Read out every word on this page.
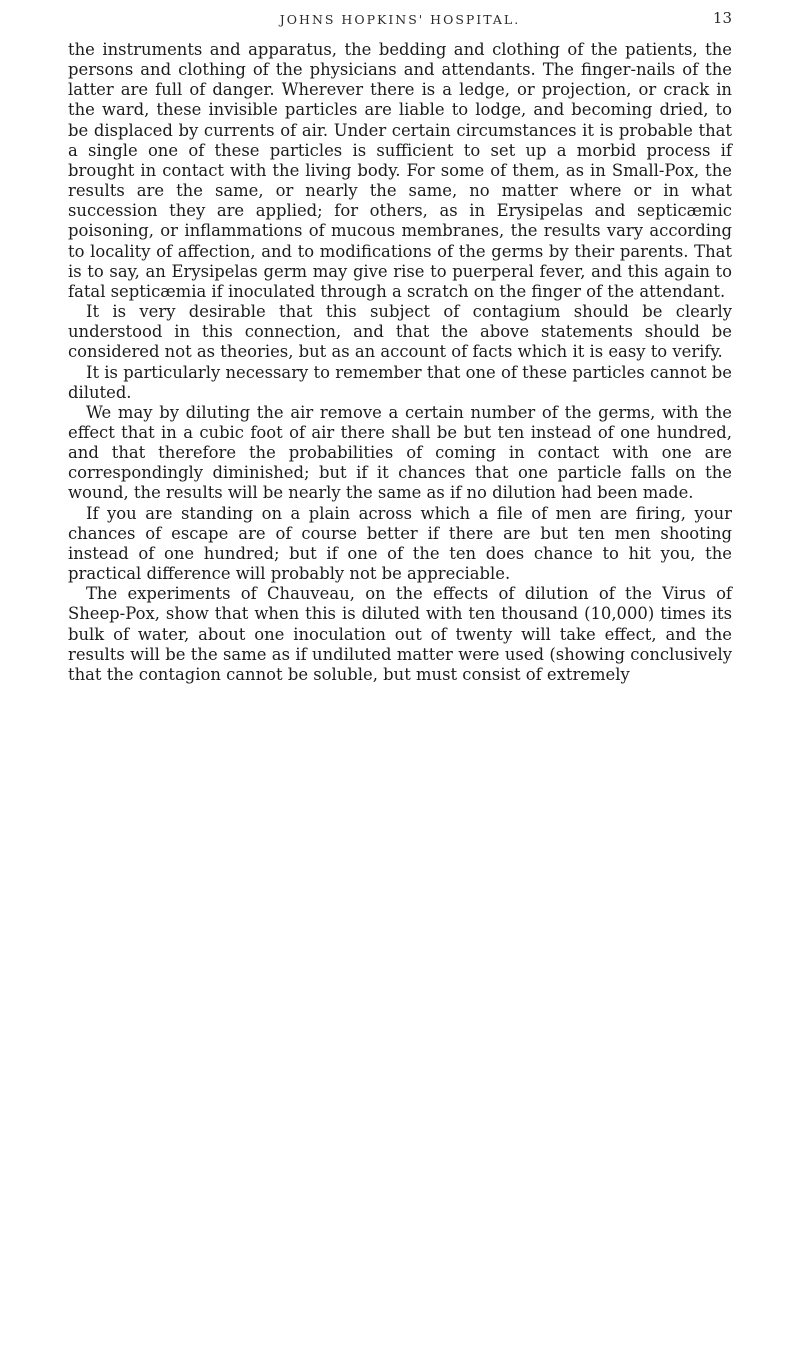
JOHNS HOPKINS' HOSPITAL.	13

the instruments and apparatus, the bedding and clothing of the patients, the persons and clothing of the physicians and attendants. The finger-nails of the latter are full of danger. Wherever there is a ledge, or projection, or crack in the ward, these invisible particles are liable to lodge, and becoming dried, to be displaced by currents of air. Under certain circumstances it is probable that a single one of these particles is sufficient to set up a morbid process if brought in contact with the living body. For some of them, as in Small-Pox, the results are the same, or nearly the same, no matter where or in what succession they are applied; for others, as in Erysipelas and septicæmic poisoning, or inflammations of mucous membranes, the results vary according to locality of affection, and to modifications of the germs by their parents. That is to say, an Erysipelas germ may give rise to puerperal fever, and this again to fatal septicæmia if inoculated through a scratch on the finger of the attendant.

It is very desirable that this subject of contagium should be clearly understood in this connection, and that the above statements should be considered not as theories, but as an account of facts which it is easy to verify.

It is particularly necessary to remember that one of these particles cannot be diluted.

We may by diluting the air remove a certain number of the germs, with the effect that in a cubic foot of air there shall be but ten instead of one hundred, and that therefore the probabilities of coming in contact with one are correspondingly diminished; but if it chances that one particle falls on the wound, the results will be nearly the same as if no dilution had been made.

If you are standing on a plain across which a file of men are firing, your chances of escape are of course better if there are but ten men shooting instead of one hundred; but if one of the ten does chance to hit you, the practical difference will probably not be appreciable.

The experiments of Chauveau, on the effects of dilution of the Virus of Sheep-Pox, show that when this is diluted with ten thousand (10,000) times its bulk of water, about one inoculation out of twenty will take effect, and the results will be the same as if undiluted matter were used (showing conclusively that the contagion cannot be soluble, but must consist of extremely
